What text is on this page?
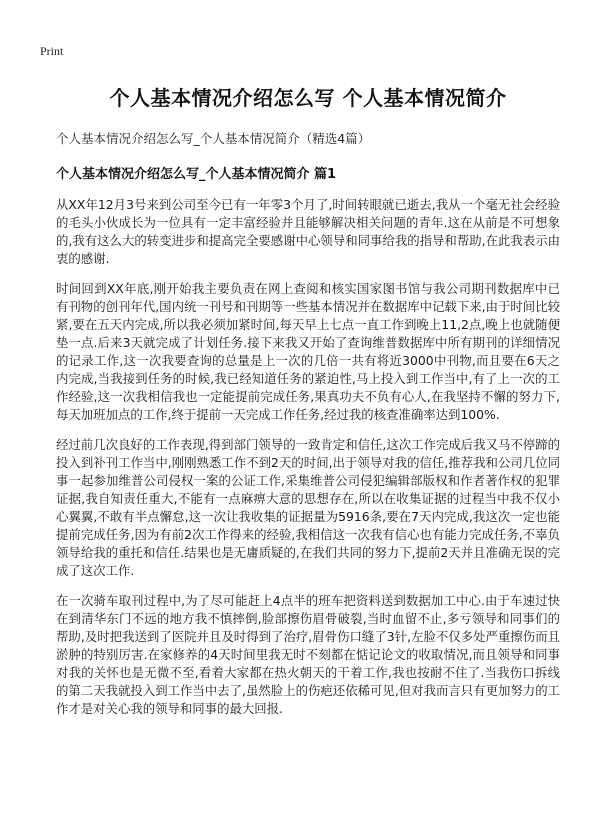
Print
个人基本情况介绍怎么写 个人基本情况简介

个人基本情况介绍怎么写_个人基本情况简介（精选4篇）

个人基本情况介绍怎么写_个人基本情况简介 篇1

从XX年12月3号来到公司至今已有一年零3个月了,时间转眼就已逝去,我从一个毫无社会经验的毛头小伙成长为一位具有一定丰富经验并且能够解决相关问题的青年.这在从前是不可想象的,我有这么大的转变进步和提高完全要感谢中心领导和同事给我的指导和帮助,在此我表示由衷的感谢.

时间回到XX年底,刚开始我主要负责在网上查阅和核实国家图书馆与我公司期刊数据库中已有刊物的创刊年代,国内统一刊号和刊期等一些基本情况并在数据库中记载下来,由于时间比较紧,要在五天内完成,所以我必须加紧时间,每天早上七点一直工作到晚上11,2点,晚上也就随便垫一点.后来3天就完成了计划任务.接下来我又开始了查询维普数据库中所有期刊的详细情况的记录工作,这一次我要查询的总量是上一次的几倍一共有将近3000中刊物,而且要在6天之内完成,当我接到任务的时候,我已经知道任务的紧迫性,马上投入到工作当中,有了上一次的工作经验,这一次我相信我也一定能提前完成任务,果真功夫不负有心人,在我坚持不懈的努力下,每天加班加点的工作,终于提前一天完成工作任务,经过我的核查准确率达到100%.

经过前几次良好的工作表现,得到部门领导的一致肯定和信任,这次工作完成后我又马不停蹄的投入到补刊工作当中,刚刚熟悉工作不到2天的时间,出于领导对我的信任,推荐我和公司几位同事一起参加维普公司侵权一案的公证工作,采集维普公司侵犯编辑部版权和作者著作权的犯罪证据,我自知责任重大,不能有一点麻痹大意的思想存在,所以在收集证据的过程当中我不仅小心翼翼,不敢有半点懈怠,这一次让我收集的证据量为5916条,要在7天内完成,我这次一定也能提前完成任务,因为有前2次工作得来的经验,我相信这一次我有信心也有能力完成任务,不辜负领导给我的重托和信任.结果也是无庸质疑的,在我们共同的努力下,提前2天并且准确无误的完成了这次工作.

在一次骑车取刊过程中,为了尽可能赶上4点半的班车把资料送到数据加工中心.由于车速过快在到清华东门不远的地方我不慎摔倒,脸部擦伤眉骨破裂,当时血留不止,多亏领导和同事们的帮助,及时把我送到了医院并且及时得到了治疗,眉骨伤口缝了3针,左脸不仅多处严重擦伤而且淤肿的特别厉害.在家修养的4天时间里我无时不刻都在惦记论文的收取情况,而且领导和同事对我的关怀也是无微不至,看着大家都在热火朝天的干着工作,我也按耐不住了.当我伤口拆线的第二天我就投入到工作当中去了,虽然脸上的伤疤还依稀可见,但对我而言只有更加努力的工作才是对关心我的领导和同事的最大回报.
